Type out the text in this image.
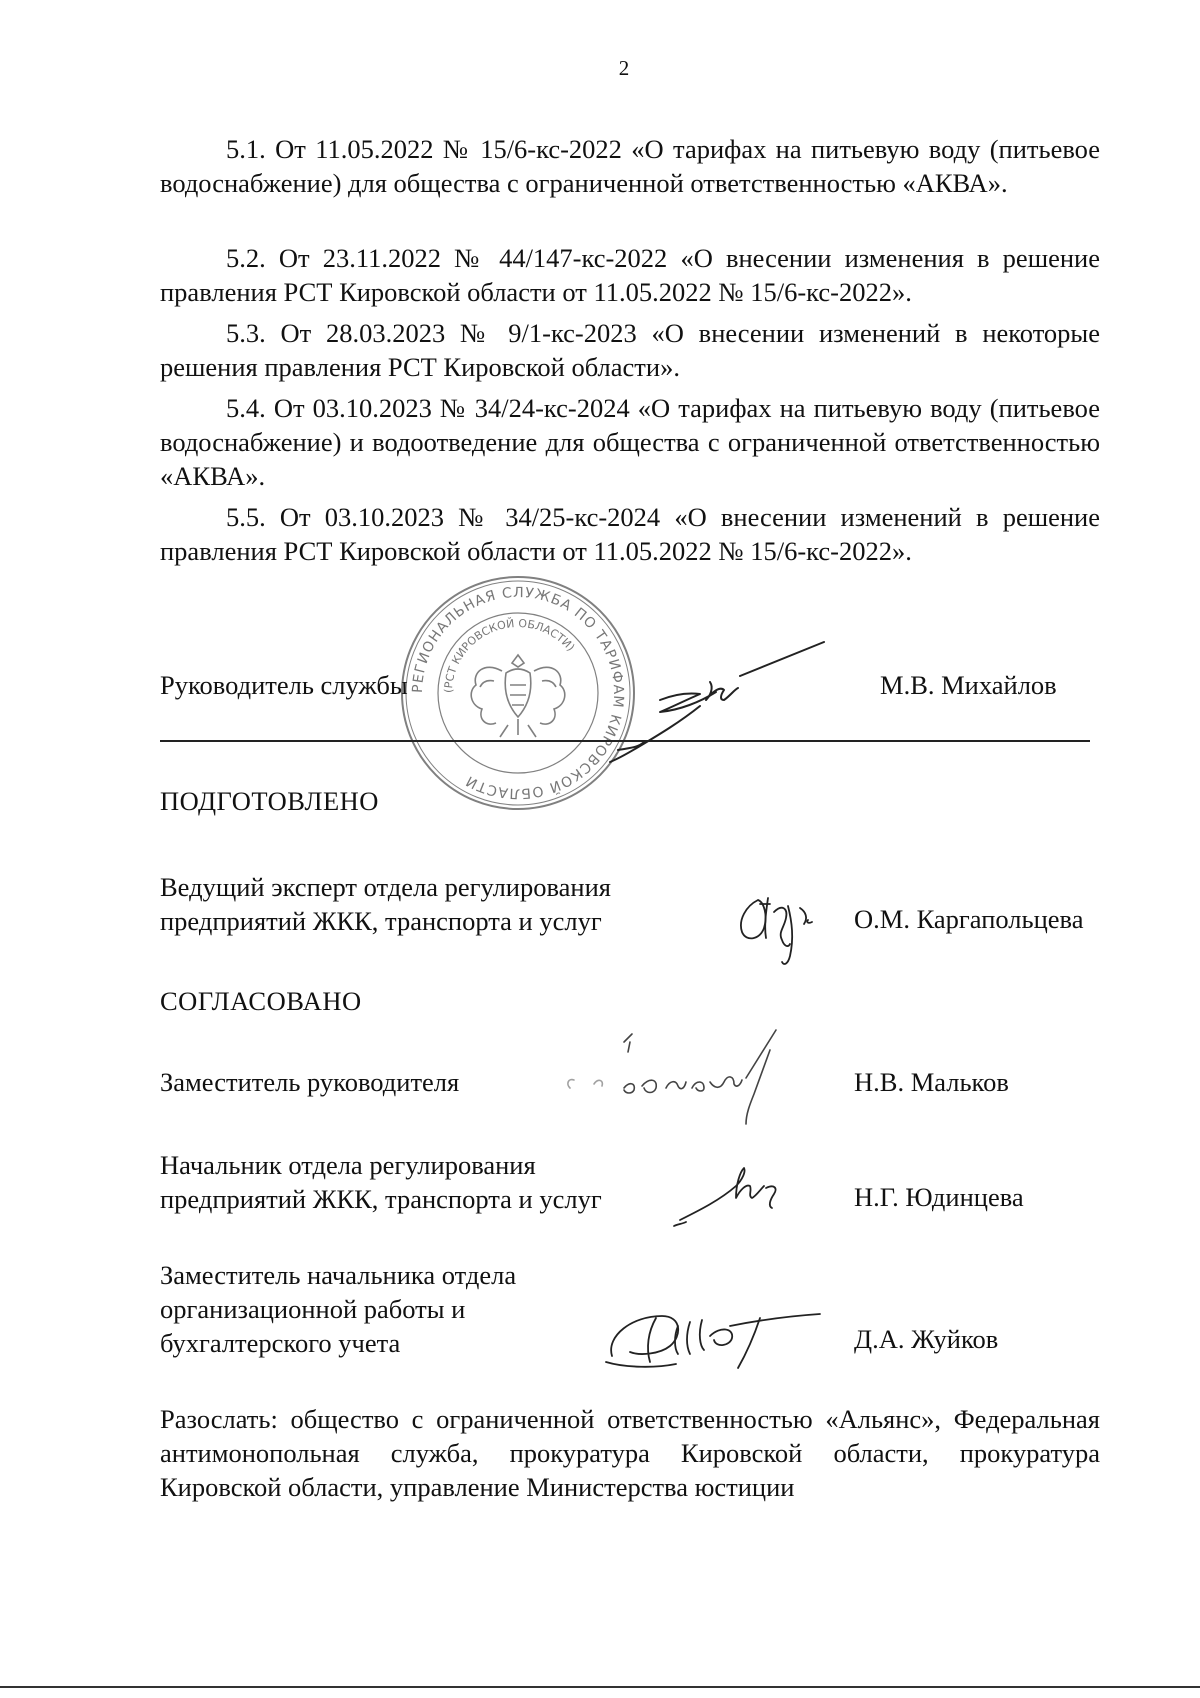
2

5.1. От 11.05.2022 № 15/6-кс-2022 «О тарифах на питьевую воду (питьевое водоснабжение) для общества с ограниченной ответственностью «АКВА».

5.2. От 23.11.2022 № 44/147-кс-2022 «О внесении изменения в решение правления РСТ Кировской области от 11.05.2022 № 15/6-кс-2022».

5.3. От 28.03.2023 № 9/1-кс-2023 «О внесении изменений в некоторые решения правления РСТ Кировской области».

5.4. От 03.10.2023 № 34/24-кс-2024 «О тарифах на питьевую воду (питьевое водоснабжение) и водоотведение для общества с ограниченной ответственностью «АКВА».

5.5. От 03.10.2023 № 34/25-кс-2024 «О внесении изменений в решение правления РСТ Кировской области от 11.05.2022 № 15/6-кс-2022».

РЕГИОНАЛЬНАЯ СЛУЖБА ПО ТАРИФАМ КИРОВСКОЙ ОБЛАСТИ
(РСТ КИРОВСКОЙ ОБЛАСТИ)

Руководитель службы	М.В. Михайлов

ПОДГОТОВЛЕНО

Ведущий эксперт отдела регулирования предприятий ЖКК, транспорта и услуг	О.М. Каргапольцева

СОГЛАСОВАНО

Заместитель руководителя	Н.В. Мальков

Начальник отдела регулирования предприятий ЖКК, транспорта и услуг	Н.Г. Юдинцева

Заместитель начальника отдела организационной работы и бухгалтерского учета	Д.А. Жуйков

Разослать: общество с ограниченной ответственностью «Альянс», Федеральная антимонопольная служба, прокуратура Кировской области, прокуратура Кировской области, управление Министерства юстиции
